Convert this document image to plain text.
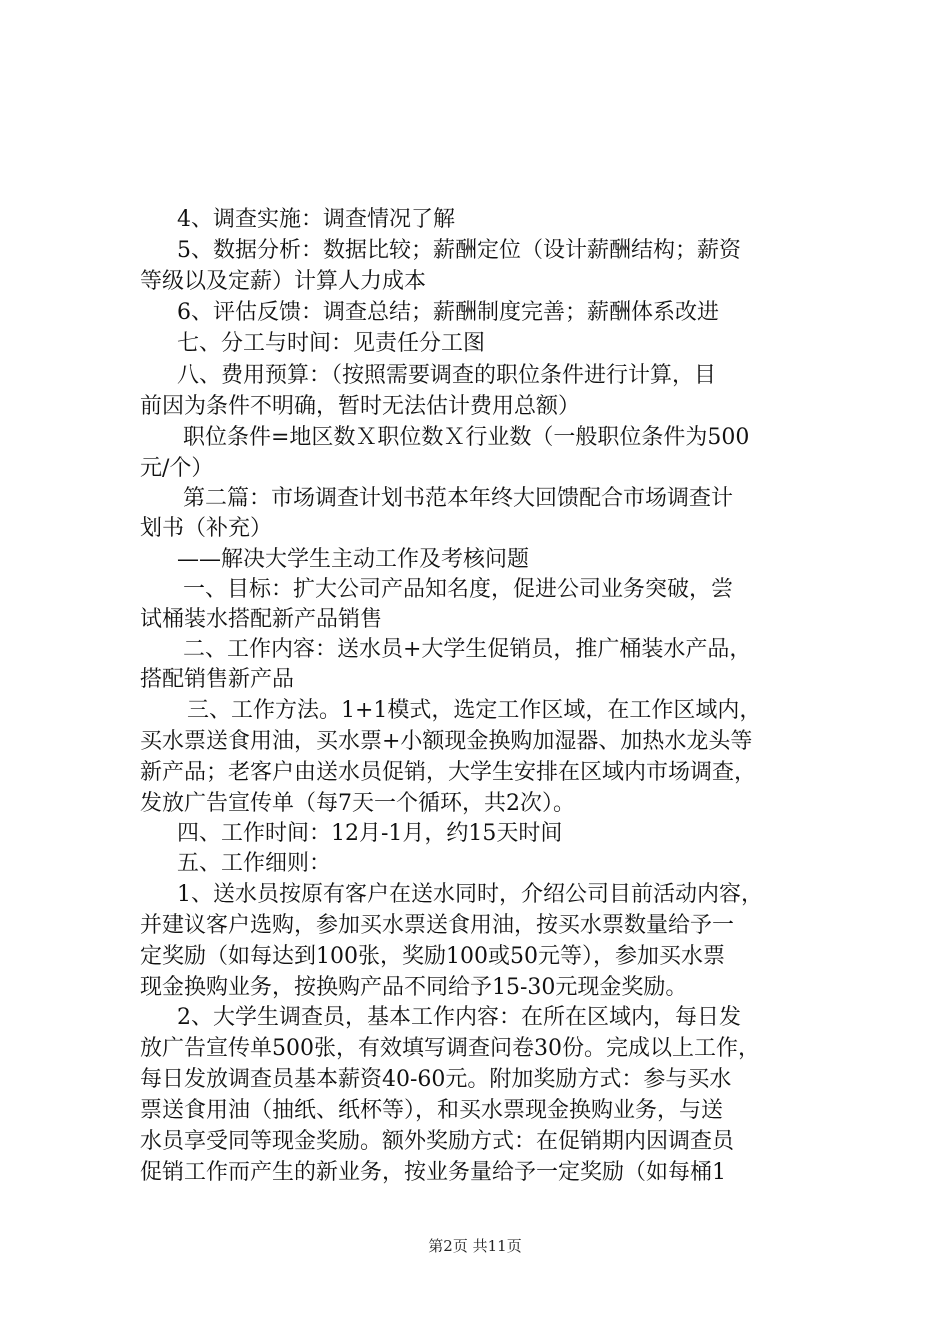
4、调查实施：调查情况了解
5、数据分析：数据比较；薪酬定位（设计薪酬结构；薪资
等级以及定薪）计算人力成本
6、评估反馈：调查总结；薪酬制度完善；薪酬体系改进
七、分工与时间：见责任分工图
八、费用预算：（按照需要调查的职位条件进行计算，目
前因为条件不明确，暂时无法估计费用总额）
职位条件=地区数Ｘ职位数Ｘ行业数（一般职位条件为500
元/个）
第二篇：市场调查计划书范本年终大回馈配合市场调查计
划书（补充）
——解决大学生主动工作及考核问题
一、目标：扩大公司产品知名度，促进公司业务突破，尝
试桶装水搭配新产品销售
二、工作内容：送水员+大学生促销员，推广桶装水产品，
搭配销售新产品
三、工作方法。1+1模式，选定工作区域，在工作区域内，
买水票送食用油，买水票+小额现金换购加湿器、加热水龙头等
新产品；老客户由送水员促销，大学生安排在区域内市场调查，
发放广告宣传单（每7天一个循环，共2次）。
四、工作时间：12月-1月，约15天时间
五、工作细则：
1、送水员按原有客户在送水同时，介绍公司目前活动内容，
并建议客户选购，参加买水票送食用油，按买水票数量给予一
定奖励（如每达到100张，奖励100或50元等），参加买水票
现金换购业务，按换购产品不同给予15-30元现金奖励。
2、大学生调查员，基本工作内容：在所在区域内，每日发
放广告宣传单500张，有效填写调查问卷30份。完成以上工作，
每日发放调查员基本薪资40-60元。附加奖励方式：参与买水
票送食用油（抽纸、纸杯等），和买水票现金换购业务，与送
水员享受同等现金奖励。额外奖励方式：在促销期内因调查员
促销工作而产生的新业务，按业务量给予一定奖励（如每桶1
第2页 共11页
